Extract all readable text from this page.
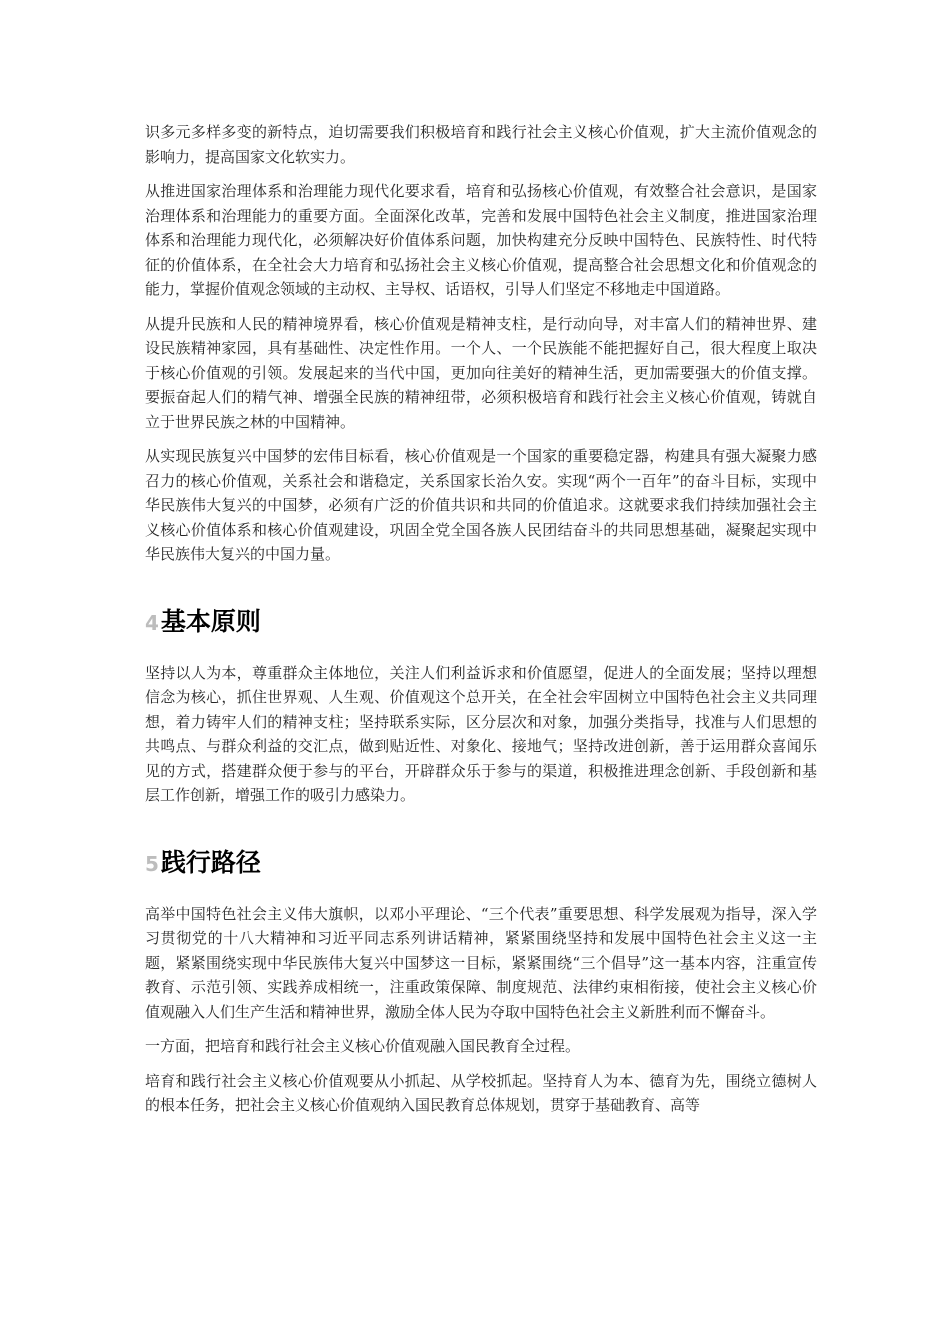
识多元多样多变的新特点，迫切需要我们积极培育和践行社会主义核心价值观，扩大主流价值观念的影响力，提高国家文化软实力。

从推进国家治理体系和治理能力现代化要求看，培育和弘扬核心价值观，有效整合社会意识，是国家治理体系和治理能力的重要方面。全面深化改革，完善和发展中国特色社会主义制度，推进国家治理体系和治理能力现代化，必须解决好价值体系问题，加快构建充分反映中国特色、民族特性、时代特征的价值体系，在全社会大力培育和弘扬社会主义核心价值观，提高整合社会思想文化和价值观念的能力，掌握价值观念领域的主动权、主导权、话语权，引导人们坚定不移地走中国道路。

从提升民族和人民的精神境界看，核心价值观是精神支柱，是行动向导，对丰富人们的精神世界、建设民族精神家园，具有基础性、决定性作用。一个人、一个民族能不能把握好自己，很大程度上取决于核心价值观的引领。发展起来的当代中国，更加向往美好的精神生活，更加需要强大的价值支撑。要振奋起人们的精气神、增强全民族的精神纽带，必须积极培育和践行社会主义核心价值观，铸就自立于世界民族之林的中国精神。

从实现民族复兴中国梦的宏伟目标看，核心价值观是一个国家的重要稳定器，构建具有强大凝聚力感召力的核心价值观，关系社会和谐稳定，关系国家长治久安。实现“两个一百年”的奋斗目标，实现中华民族伟大复兴的中国梦，必须有广泛的价值共识和共同的价值追求。这就要求我们持续加强社会主义核心价值体系和核心价值观建设，巩固全党全国各族人民团结奋斗的共同思想基础，凝聚起实现中华民族伟大复兴的中国力量。

4 基本原则

坚持以人为本，尊重群众主体地位，关注人们利益诉求和价值愿望，促进人的全面发展；坚持以理想信念为核心，抓住世界观、人生观、价值观这个总开关，在全社会牢固树立中国特色社会主义共同理想，着力铸牢人们的精神支柱；坚持联系实际，区分层次和对象，加强分类指导，找准与人们思想的共鸣点、与群众利益的交汇点，做到贴近性、对象化、接地气；坚持改进创新，善于运用群众喜闻乐见的方式，搭建群众便于参与的平台，开辟群众乐于参与的渠道，积极推进理念创新、手段创新和基层工作创新，增强工作的吸引力感染力。

5 践行路径

高举中国特色社会主义伟大旗帜，以邓小平理论、“三个代表”重要思想、科学发展观为指导，深入学习贯彻党的十八大精神和习近平同志系列讲话精神，紧紧围绕坚持和发展中国特色社会主义这一主题，紧紧围绕实现中华民族伟大复兴中国梦这一目标，紧紧围绕“三个倡导”这一基本内容，注重宣传教育、示范引领、实践养成相统一，注重政策保障、制度规范、法律约束相衔接，使社会主义核心价值观融入人们生产生活和精神世界，激励全体人民为夺取中国特色社会主义新胜利而不懈奋斗。

一方面，把培育和践行社会主义核心价值观融入国民教育全过程。

培育和践行社会主义核心价值观要从小抓起、从学校抓起。坚持育人为本、德育为先，围绕立德树人的根本任务，把社会主义核心价值观纳入国民教育总体规划，贯穿于基础教育、高等
